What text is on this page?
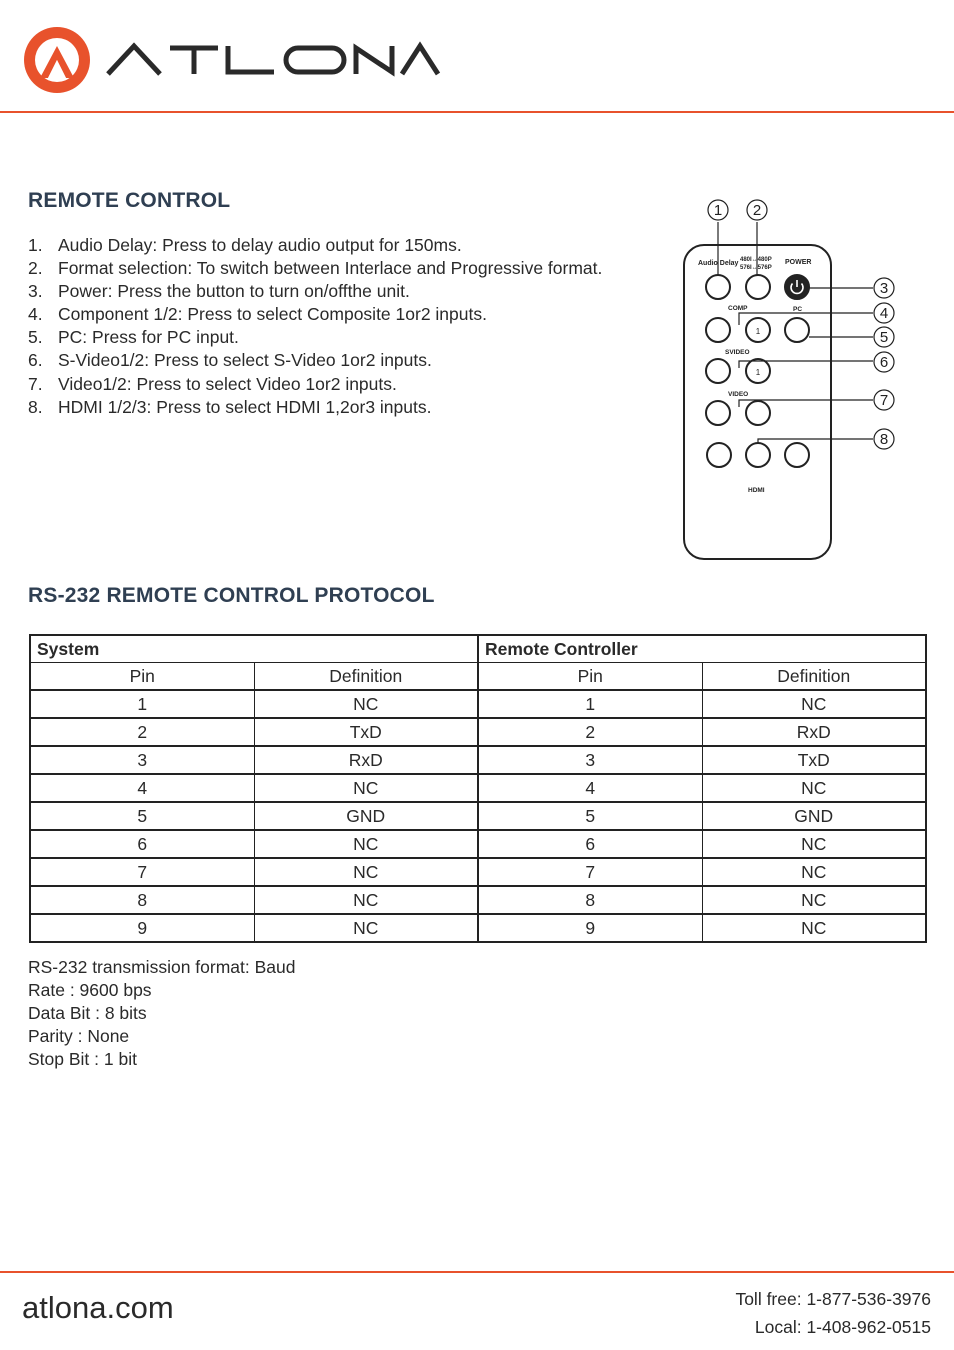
REMOTE CONTROL
1. Audio Delay: Press to delay audio output for 150ms.
2. Format selection: To switch between Interlace and Progressive format.
3. Power: Press the button to turn on/offthe unit.
4. Component 1/2: Press to select Composite 1or2 inputs.
5. PC: Press for PC input.
6. S-Video1/2: Press to select S-Video 1or2 inputs.
7. Video1/2: Press to select Video 1or2 inputs.
8. HDMI 1/2/3: Press to select HDMI 1,2or3 inputs.
Audio Delay 480I↔480P
576I↔576P
POWER
COMP	PC
1
SVIDEO
1
VIDEO
HDMI
1 2
3
4
5
6
7
8
RS-232 REMOTE CONTROL PROTOCOL
System		Remote Controller	
Pin	Definition	Pin	Definition
1	NC	1	NC
2	TxD	2	RxD
3	RxD	3	TxD
4	NC	4	NC
5	GND	5	GND
6	NC	6	NC
7	NC	7	NC
8	NC	8	NC
9	NC	9	NC
RS-232 transmission format: Baud
Rate : 9600 bps
Data Bit : 8 bits
Parity : None
Stop Bit : 1 bit
atlona.com	Toll free: 1-877-536-3976
Local: 1-408-962-0515
